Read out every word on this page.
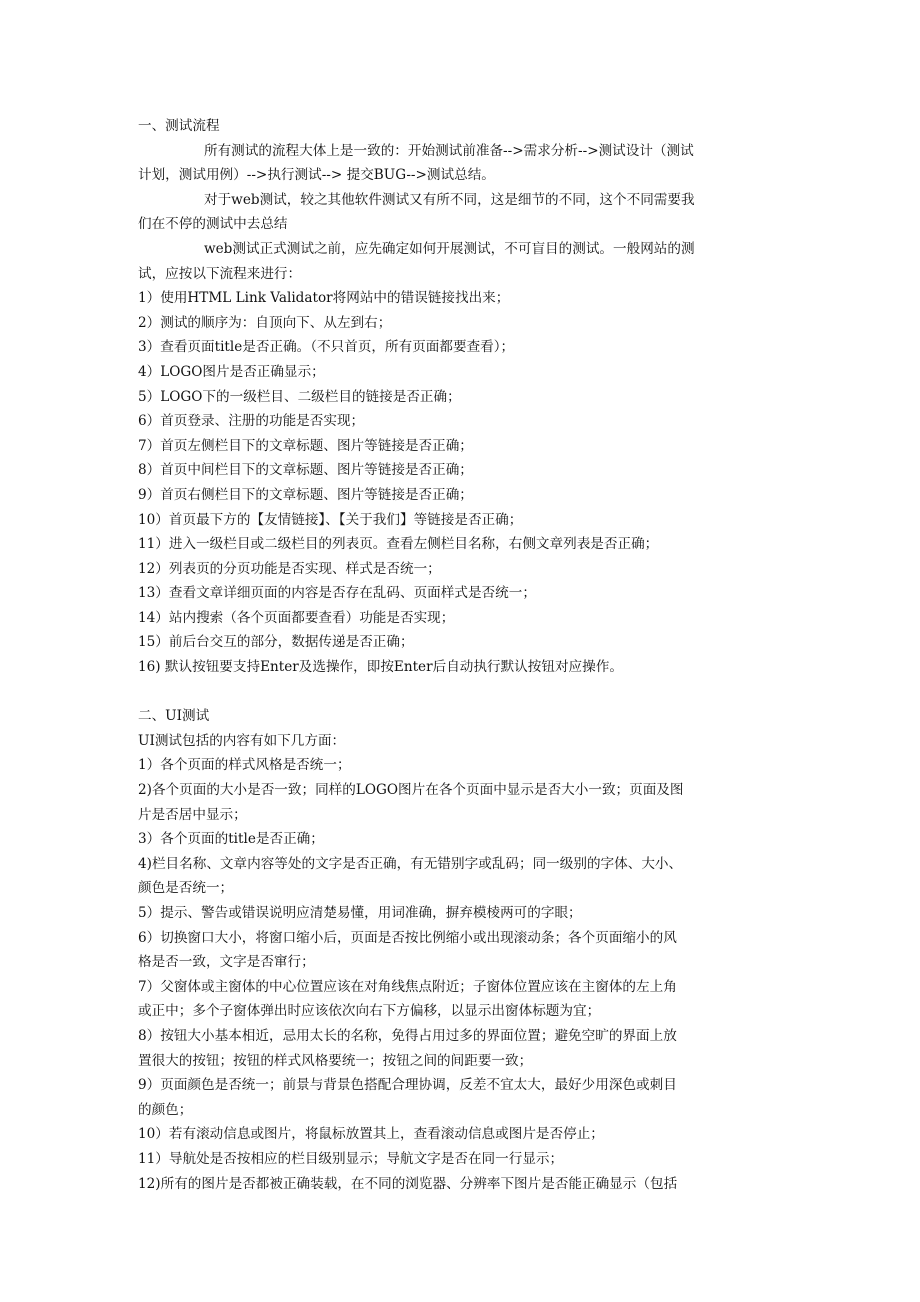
一、测试流程
所有测试的流程大体上是一致的：开始测试前准备-->需求分析-->测试设计（测试
计划，测试用例）-->执行测试--> 提交BUG-->测试总结。
对于web测试，较之其他软件测试又有所不同，这是细节的不同，这个不同需要我
们在不停的测试中去总结
web测试正式测试之前，应先确定如何开展测试，不可盲目的测试。一般网站的测
试，应按以下流程来进行：
1）使用HTML Link Validator将网站中的错误链接找出来；
2）测试的顺序为：自顶向下、从左到右；
3）查看页面title是否正确。（不只首页，所有页面都要查看）；
4）LOGO图片是否正确显示；
5）LOGO下的一级栏目、二级栏目的链接是否正确；
6）首页登录、注册的功能是否实现；
7）首页左侧栏目下的文章标题、图片等链接是否正确；
8）首页中间栏目下的文章标题、图片等链接是否正确；
9）首页右侧栏目下的文章标题、图片等链接是否正确；
10）首页最下方的【友情链接】、【关于我们】等链接是否正确；
11）进入一级栏目或二级栏目的列表页。查看左侧栏目名称，右侧文章列表是否正确；
12）列表页的分页功能是否实现、样式是否统一；
13）查看文章详细页面的内容是否存在乱码、页面样式是否统一；
14）站内搜索（各个页面都要查看）功能是否实现；
15）前后台交互的部分，数据传递是否正确；
16) 默认按钮要支持Enter及选操作，即按Enter后自动执行默认按钮对应操作。
二、UI测试
UI测试包括的内容有如下几方面：
1）各个页面的样式风格是否统一；
2)各个页面的大小是否一致；同样的LOGO图片在各个页面中显示是否大小一致；页面及图
片是否居中显示；
3）各个页面的title是否正确；
4)栏目名称、文章内容等处的文字是否正确，有无错别字或乱码；同一级别的字体、大小、
颜色是否统一；
5）提示、警告或错误说明应清楚易懂，用词准确，摒弃模棱两可的字眼；
6）切换窗口大小，将窗口缩小后，页面是否按比例缩小或出现滚动条；各个页面缩小的风
格是否一致，文字是否窜行；
7）父窗体或主窗体的中心位置应该在对角线焦点附近；子窗体位置应该在主窗体的左上角
或正中；多个子窗体弹出时应该依次向右下方偏移，以显示出窗体标题为宜；
8）按钮大小基本相近，忌用太长的名称，免得占用过多的界面位置；避免空旷的界面上放
置很大的按钮；按钮的样式风格要统一；按钮之间的间距要一致；
9）页面颜色是否统一；前景与背景色搭配合理协调，反差不宜太大，最好少用深色或刺目
的颜色；
10）若有滚动信息或图片，将鼠标放置其上，查看滚动信息或图片是否停止；
11）导航处是否按相应的栏目级别显示；导航文字是否在同一行显示；
12)所有的图片是否都被正确装载，在不同的浏览器、分辨率下图片是否能正确显示（包括
